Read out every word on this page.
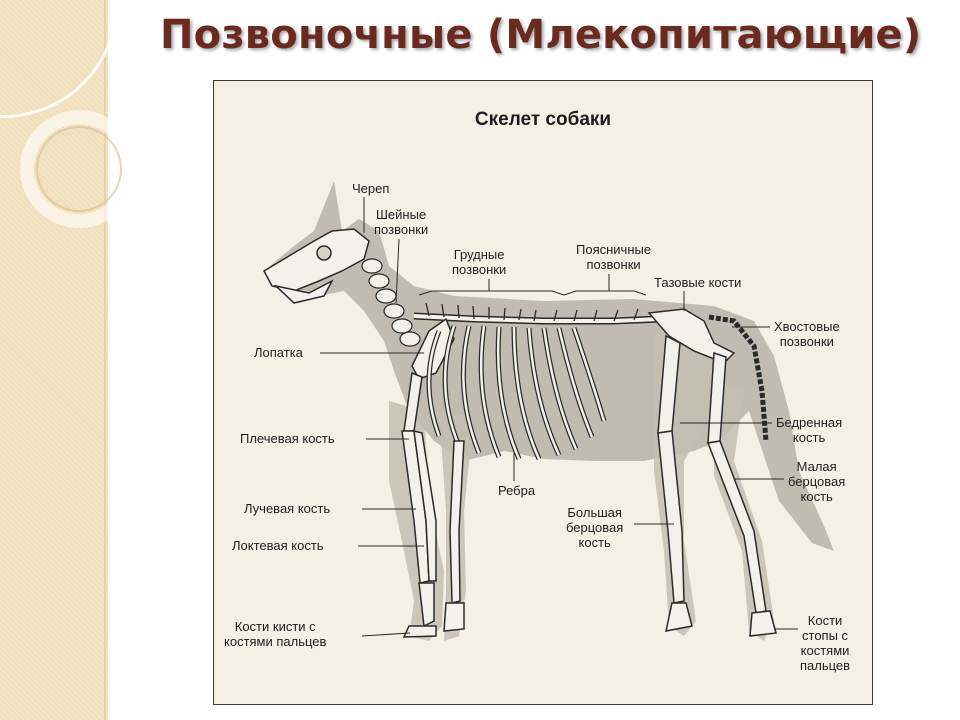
Позвоночные (Млекопитающие)
Скелет собаки
Череп
Шейные
позвонки
Грудные
позвонки
Поясничные
позвонки
Тазовые кости
Хвостовые
позвонки
Лопатка
Плечевая кость
Лучевая кость
Локтевая кость
Кости кисти с
костями пальцев
Ребра
Большая
берцовая
кость
Бедренная
кость
Малая
берцовая
кость
Кости
стопы с
костями
пальцев
